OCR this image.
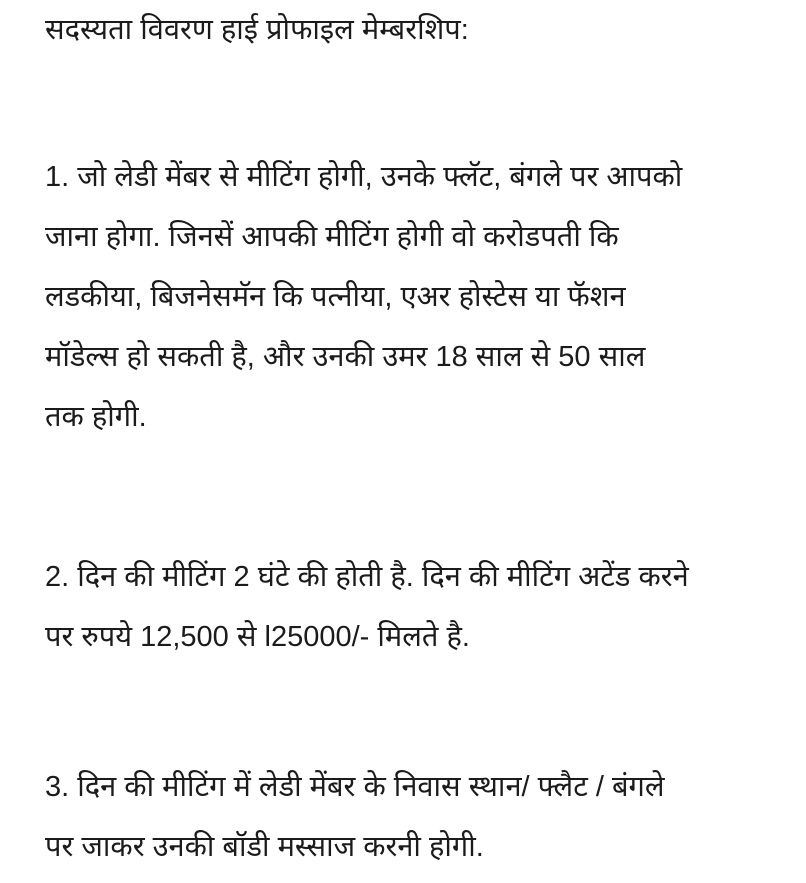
सदस्यता विवरण हाई प्रोफाइल मेम्बरशिप:
1. जो लेडी मेंबर से मीटिंग होगी, उनके फ्लॅट, बंगले पर आपको
जाना होगा. जिनसें आपकी मीटिंग होगी वो करोडपती कि
लडकीया, बिजनेसमॅन कि पत्नीया, एअर होस्टेस या फॅशन
मॉडेल्स हो सकती है, और उनकी उमर 18 साल से 50 साल
तक होगी.
2. दिन की मीटिंग 2 घंटे की होती है. दिन की मीटिंग अटेंड करने
पर रुपये 12,500 से l25000/- मिलते है.
3. दिन की मीटिंग में लेडी मेंबर के निवास स्थान/ फ्लैट / बंगले
पर जाकर उनकी बॉडी मस्साज करनी होगी.
